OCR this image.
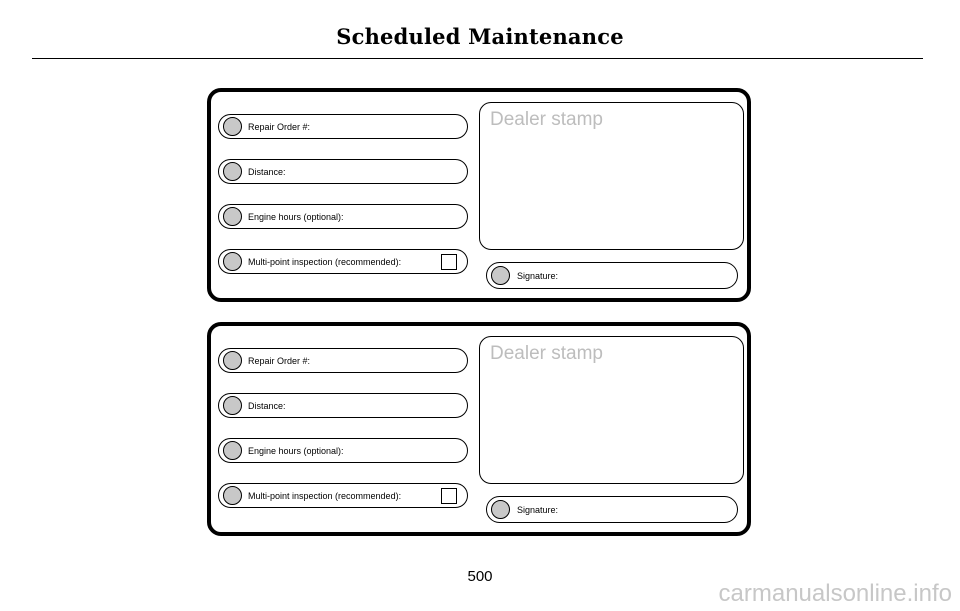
Scheduled Maintenance
Repair Order #:
Distance:
Engine hours (optional):
Multi-point inspection (recommended):
Dealer stamp
Signature:
Repair Order #:
Distance:
Engine hours (optional):
Multi-point inspection (recommended):
Dealer stamp
Signature:
500
carmanualsonline.info
